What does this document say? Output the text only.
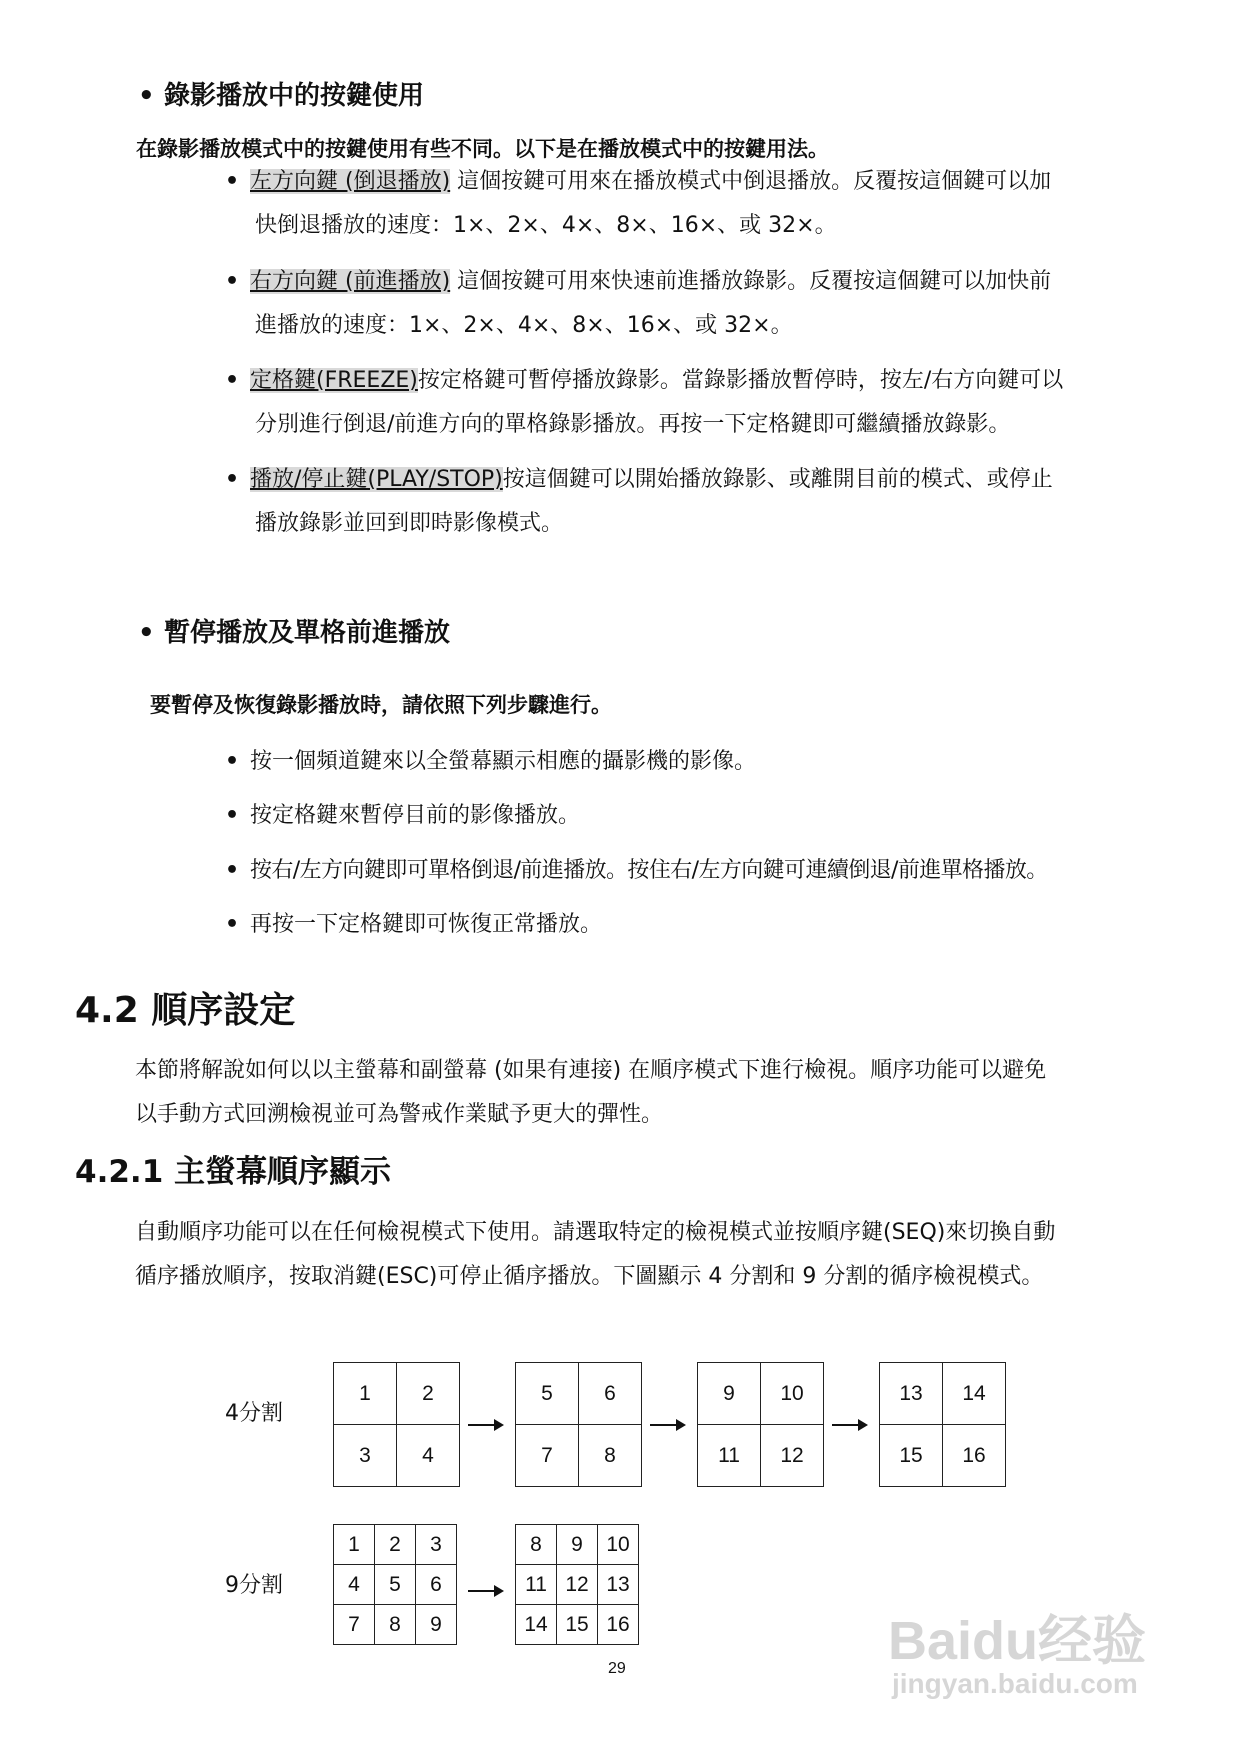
• 錄影播放中的按鍵使用
在錄影播放模式中的按鍵使用有些不同。以下是在播放模式中的按鍵用法。
• 左方向鍵 (倒退播放) 這個按鍵可用來在播放模式中倒退播放。反覆按這個鍵可以加
快倒退播放的速度：1×、2×、4×、8×、16×、或 32×。
• 右方向鍵 (前進播放) 這個按鍵可用來快速前進播放錄影。反覆按這個鍵可以加快前
進播放的速度：1×、2×、4×、8×、16×、或 32×。
• 定格鍵(FREEZE)按定格鍵可暫停播放錄影。當錄影播放暫停時，按左/右方向鍵可以
分別進行倒退/前進方向的單格錄影播放。再按一下定格鍵即可繼續播放錄影。
• 播放/停止鍵(PLAY/STOP)按這個鍵可以開始播放錄影、或離開目前的模式、或停止
播放錄影並回到即時影像模式。
• 暫停播放及單格前進播放
要暫停及恢復錄影播放時，請依照下列步驟進行。
• 按一個頻道鍵來以全螢幕顯示相應的攝影機的影像。
• 按定格鍵來暫停目前的影像播放。
• 按右/左方向鍵即可單格倒退/前進播放。按住右/左方向鍵可連續倒退/前進單格播放。
• 再按一下定格鍵即可恢復正常播放。
4.2 順序設定
本節將解說如何以以主螢幕和副螢幕 (如果有連接) 在順序模式下進行檢視。順序功能可以避免
以手動方式回溯檢視並可為警戒作業賦予更大的彈性。
4.2.1 主螢幕順序顯示
自動順序功能可以在任何檢視模式下使用。請選取特定的檢視模式並按順序鍵(SEQ)來切換自動
循序播放順序，按取消鍵(ESC)可停止循序播放。下圖顯示 4 分割和 9 分割的循序檢視模式。
4分割
9分割
1	2
3	4
5	6
7	8
9	10
11	12
13	14
15	16
1	2	3
4	5	6
7	8	9
8	9	10
11	12	13
14	15	16
29	Baidu经验
jingyan.baidu.com
